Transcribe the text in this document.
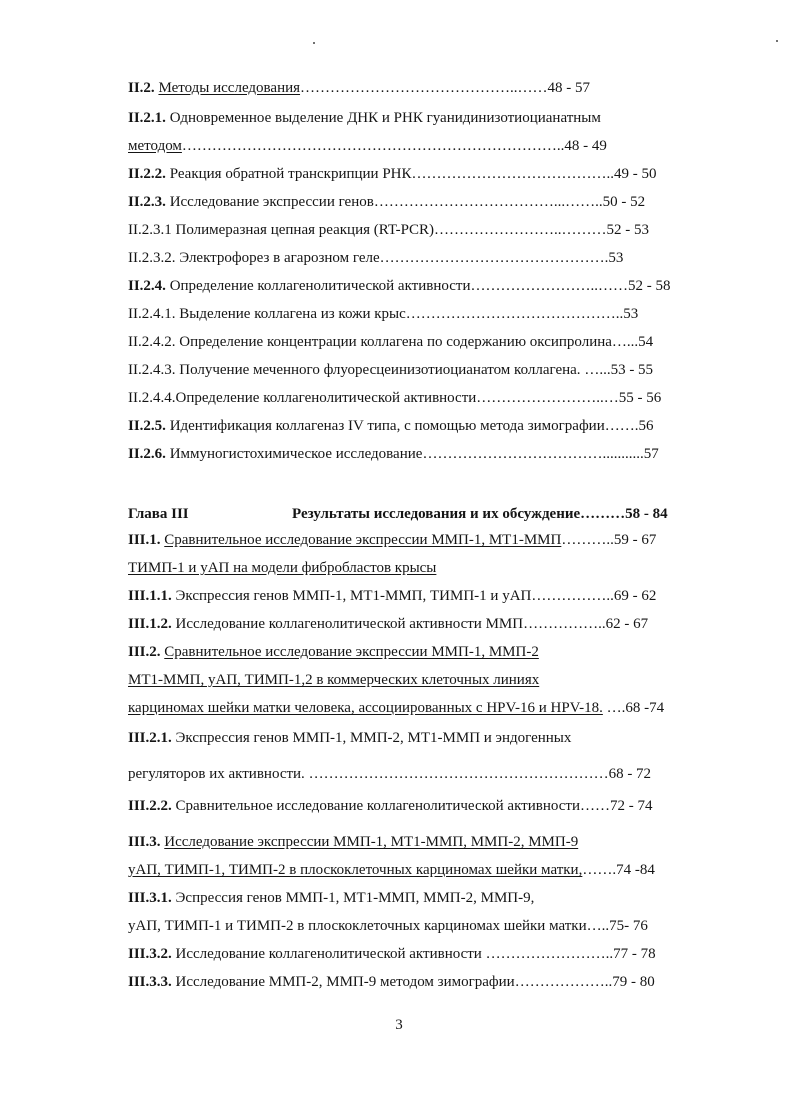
II.2. Методы исследования……………………………………..……48 - 57
II.2.1. Одновременное выделение ДНК и РНК гуанидинизотиоцианатным
методом…………………………………………………………………..48 - 49
II.2.2. Реакция обратной транскрипции РНК…………………………………..49 - 50
II.2.3. Исследование экспрессии генов………………………………...……..50 - 52
II.2.3.1 Полимеразная цепная реакция (RT-PCR)……………………..………52 - 53
II.2.3.2. Электрофорез в агарозном геле……………………………………….53
II.2.4. Определение коллагенолитической активности……………………..……52 - 58
II.2.4.1. Выделение коллагена из кожи крыс……………………………………..53
II.2.4.2. Определение концентрации коллагена по содержанию оксипролина…...54
II.2.4.3. Получение меченного флуоресцеинизотиоцианатом коллагена. …...53 - 55
II.2.4.4.Определение коллагенолитической активности……………………..…55 - 56
II.2.5. Идентификация коллагеназ IV типа, с помощью метода зимографии…….56
II.2.6. Иммуногистохимическое исследование………………………………...........57
Глава III	Результаты исследования и их обсуждение………58 - 84
III.1. Сравнительное исследование экспрессии ММП-1, МТ1-ММП………..59 - 67
ТИМП-1 и уАП на модели фибробластов крысы
III.1.1. Экспрессия генов ММП-1, МТ1-ММП, ТИМП-1 и уАП……………..69 - 62
III.1.2. Исследование коллагенолитической активности ММП……………..62 - 67
III.2. Сравнительное исследование экспрессии ММП-1, ММП-2
МТ1-ММП, уАП, ТИМП-1,2 в коммерческих клеточных линиях
карциномах шейки матки человека, ассоциированных с HPV-16 и HPV-18. ….68 -74
III.2.1. Экспрессия генов ММП-1, ММП-2, МТ1-ММП и эндогенных
регуляторов их активности. ……………………………………………………68 - 72
III.2.2. Сравнительное исследование коллагенолитической активности……72 - 74
III.3. Исследование экспрессии ММП-1, МТ1-ММП, ММП-2, ММП-9
уАП, ТИМП-1, ТИМП-2 в плоскоклеточных карциномах шейки матки,…….74 -84
III.3.1. Эспрессия генов ММП-1, МТ1-ММП, ММП-2, ММП-9,
уАП, ТИМП-1 и ТИМП-2 в плоскоклеточных карциномах шейки матки…..75- 76
III.3.2. Исследование коллагенолитической активности ……………………..77 - 78
III.3.3. Исследование ММП-2, ММП-9 методом зимографии………………..79 - 80
3
